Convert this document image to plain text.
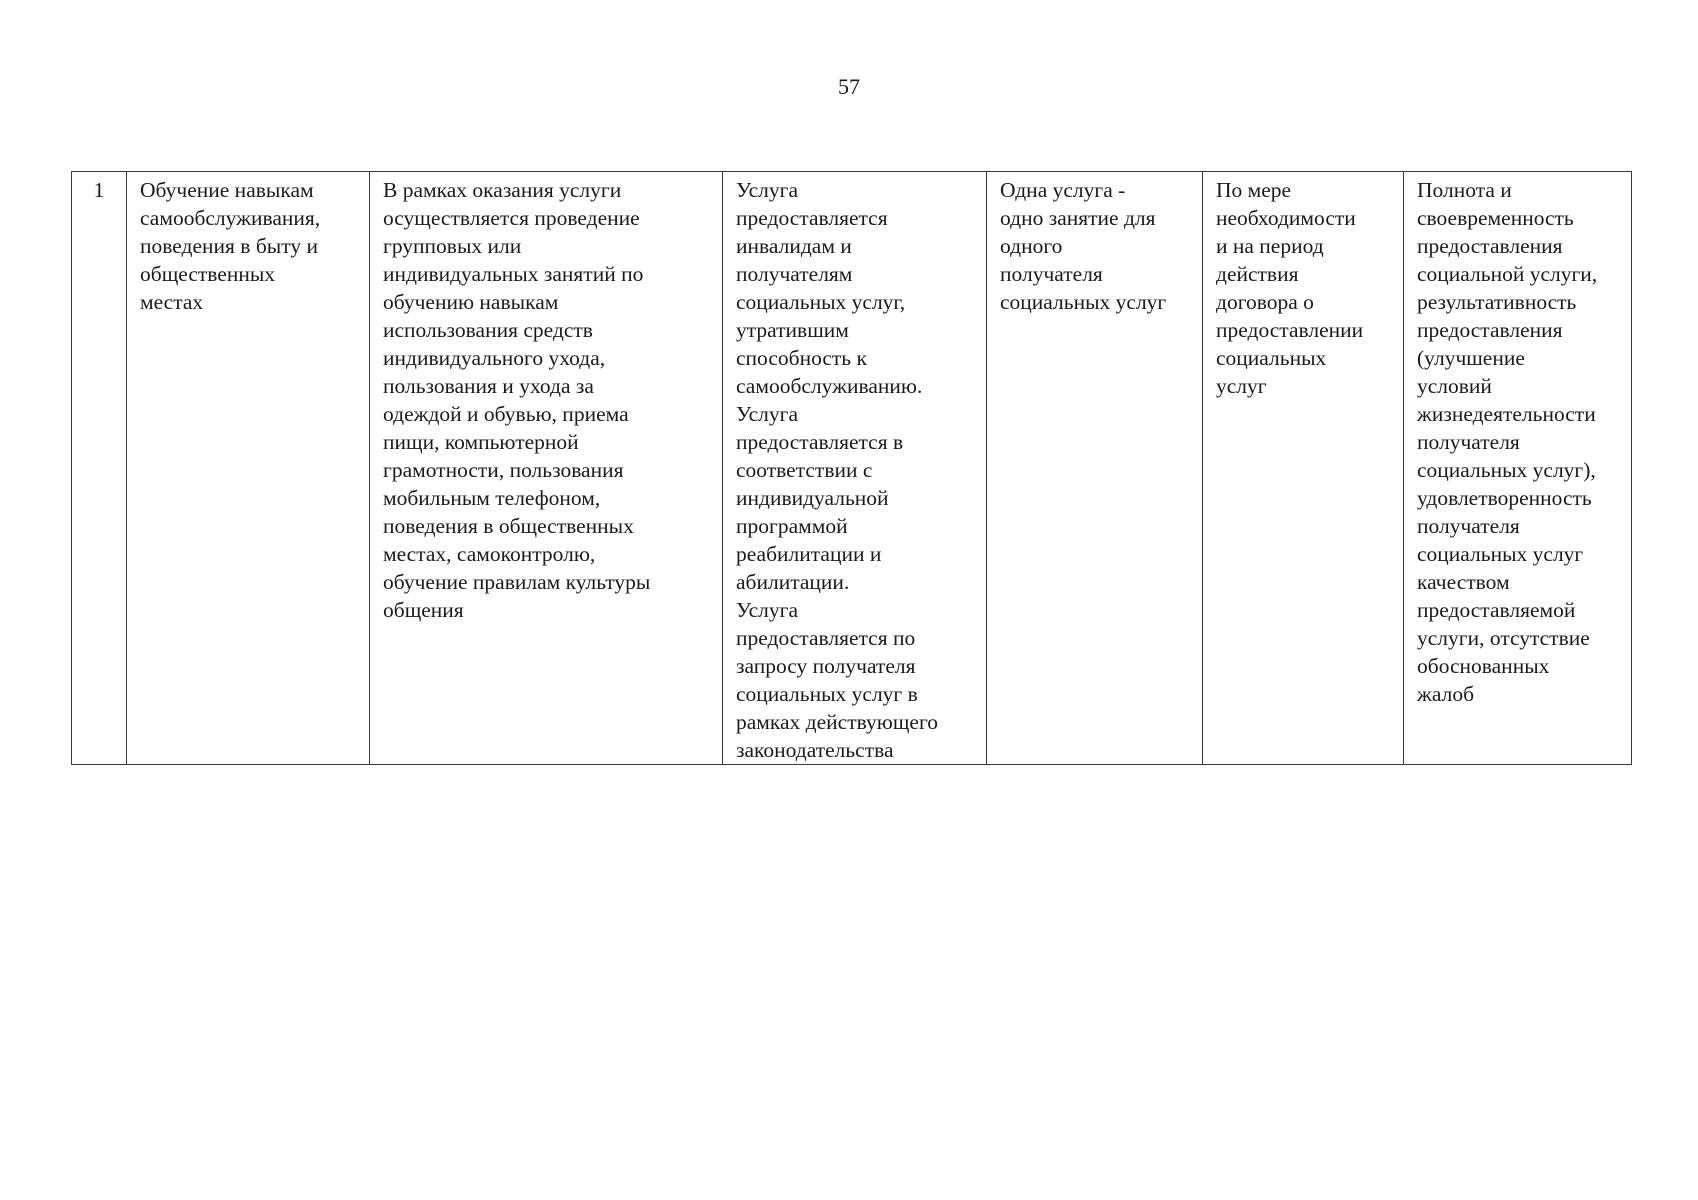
57
1	Обучение навыкам
самообслуживания,
поведения в быту и
общественных
местах	В рамках оказания услуги
осуществляется проведение
групповых или
индивидуальных занятий по
обучению навыкам
использования средств
индивидуального ухода,
пользования и ухода за
одеждой и обувью, приема
пищи, компьютерной
грамотности, пользования
мобильным телефоном,
поведения в общественных
местах, самоконтролю,
обучение правилам культуры
общения	Услуга
предоставляется
инвалидам и
получателям
социальных услуг,
утратившим
способность к
самообслуживанию.
Услуга
предоставляется в
соответствии с
индивидуальной
программой
реабилитации и
абилитации.
Услуга
предоставляется по
запросу получателя
социальных услуг в
рамках действующего
законодательства	Одна услуга -
одно занятие для
одного
получателя
социальных услуг	По мере
необходимости
и на период
действия
договора о
предоставлении
социальных
услуг	Полнота и
своевременность
предоставления
социальной услуги,
результативность
предоставления
(улучшение
условий
жизнедеятельности
получателя
социальных услуг),
удовлетворенность
получателя
социальных услуг
качеством
предоставляемой
услуги, отсутствие
обоснованных
жалоб
